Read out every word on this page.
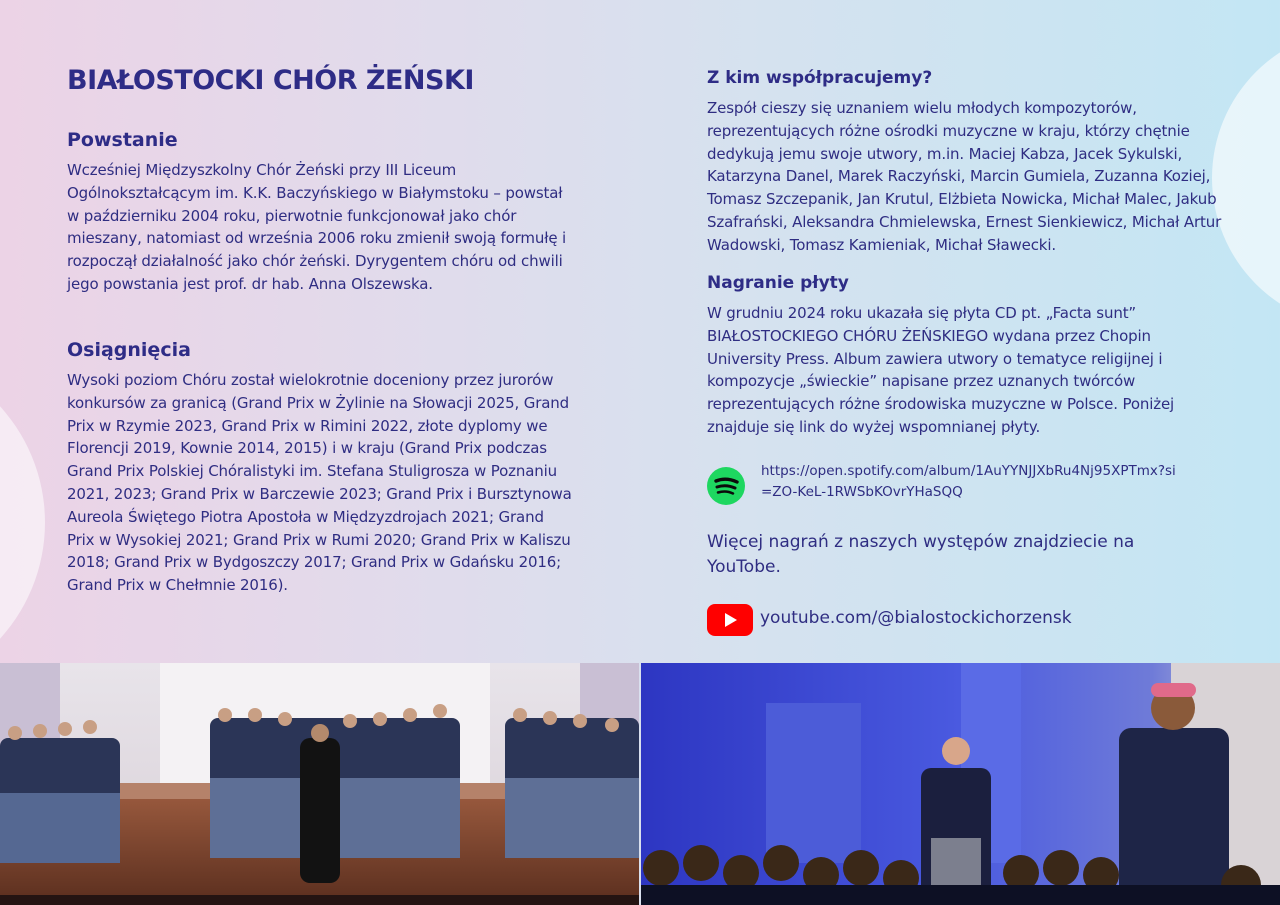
BIAŁOSTOCKI CHÓR ŻEŃSKI
Powstanie

Wcześniej Międzyszkolny Chór Żeński przy III Liceum Ogólnokształcącym im. K.K. Baczyńskiego w Białymstoku – powstał w październiku 2004 roku, pierwotnie funkcjonował jako chór mieszany, natomiast od września 2006 roku zmienił swoją formułę i rozpoczął działalność jako chór żeński. Dyrygentem chóru od chwili jego powstania jest prof. dr hab. Anna Olszewska.

Osiągnięcia

Wysoki poziom Chóru został wielokrotnie doceniony przez jurorów konkursów za granicą (Grand Prix w Żylinie na Słowacji 2025, Grand Prix w Rzymie 2023, Grand Prix w Rimini 2022, złote dyplomy we Florencji 2019, Kownie 2014, 2015) i w kraju (Grand Prix podczas Grand Prix Polskiej Chóralistyki im. Stefana Stuligrosza w Poznaniu 2021, 2023; Grand Prix w Barczewie 2023; Grand Prix i Bursztynowa Aureola Świętego Piotra Apostoła w Międzyzdrojach 2021; Grand Prix w Wysokiej 2021; Grand Prix w Rumi 2020; Grand Prix w Kaliszu 2018; Grand Prix w Bydgoszczy 2017; Grand Prix w Gdańsku 2016; Grand Prix w Chełmnie 2016).

Z kim współpracujemy?

Zespół cieszy się uznaniem wielu młodych kompozytorów, reprezentujących różne ośrodki muzyczne w kraju, którzy chętnie dedykują jemu swoje utwory, m.in. Maciej Kabza, Jacek Sykulski, Katarzyna Danel, Marek Raczyński, Marcin Gumiela, Zuzanna Koziej, Tomasz Szczepanik, Jan Krutul, Elżbieta Nowicka, Michał Malec, Jakub Szafrański, Aleksandra Chmielewska, Ernest Sienkiewicz, Michał Artur Wadowski, Tomasz Kamieniak, Michał Sławecki.

Nagranie płyty

W grudniu 2024 roku ukazała się płyta CD pt. „Facta sunt” BIAŁOSTOCKIEGO CHÓRU ŻEŃSKIEGO wydana przez Chopin University Press. Album zawiera utwory o tematyce religijnej i kompozycje „świeckie” napisane przez uznanych twórców reprezentujących różne środowiska muzyczne w Polsce. Poniżej znajduje się link do wyżej wspomnianej płyty.

https://open.spotify.com/album/1AuYYNJJXbRu4Nj95XPTmx?si=ZO-KeL-1RWSbKOvrYHaSQQ
Więcej nagrań z naszych występów znajdziecie na YouTobe.
youtube.com/@bialostockichorzensk
